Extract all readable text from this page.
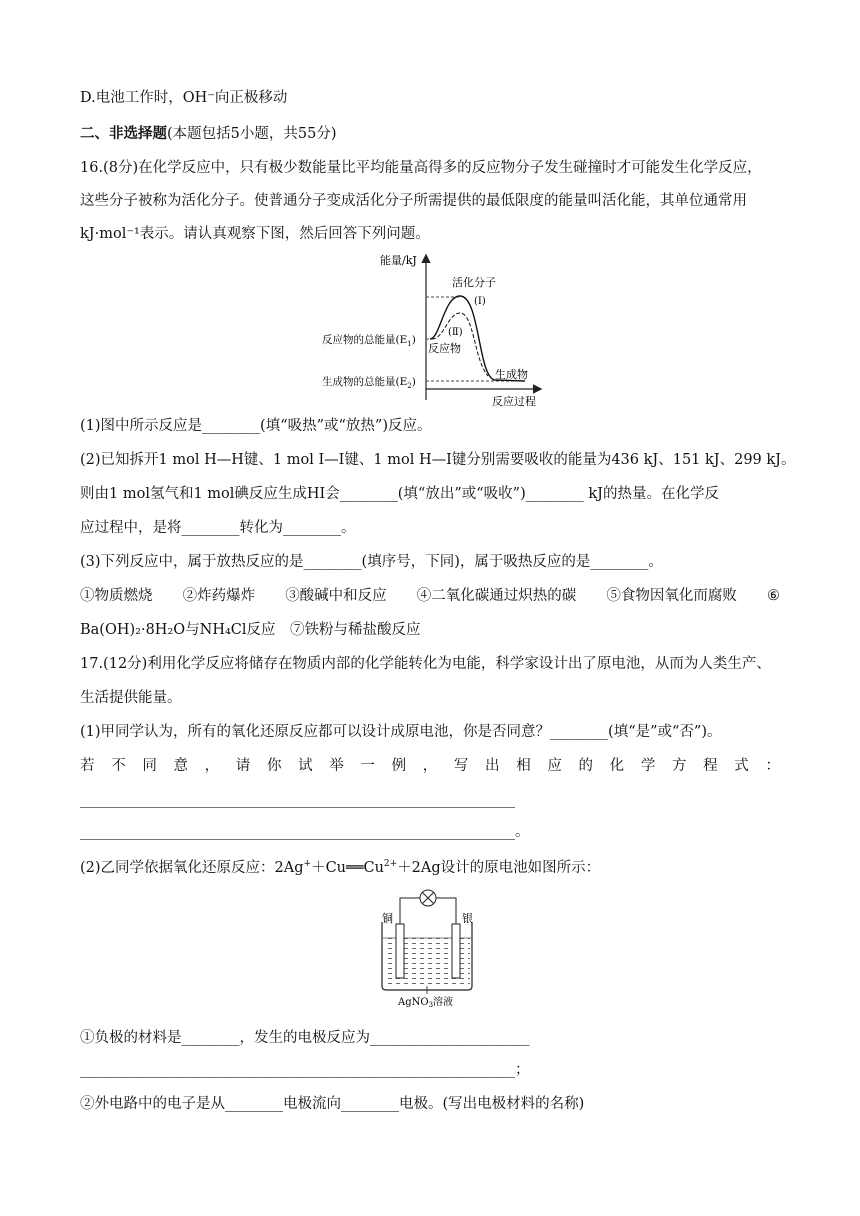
D.电池工作时，OH⁻向正极移动
二、非选择题(本题包括5小题，共55分)
16.(8分)在化学反应中，只有极少数能量比平均能量高得多的反应物分子发生碰撞时才可能发生化学反应，
这些分子被称为活化分子。使普通分子变成活化分子所需提供的最低限度的能量叫活化能，其单位通常用
kJ·mol⁻¹表示。请认真观察下图，然后回答下列问题。
能量/kJ
反应过程
活化分子
(Ⅰ)
(Ⅱ)
反应物
生成物
反应物的总能量$(E_1)$
生成物的总能量$(E_2)$
(1)图中所示反应是________(填“吸热”或“放热”)反应。
(2)已知拆开1 mol H—H键、1 mol I—I键、1 mol H—I键分别需要吸收的能量为436 kJ、151 kJ、299 kJ。
则由1 mol氢气和1 mol碘反应生成HI会________(填“放出”或“吸收”)________ kJ的热量。在化学反
应过程中，是将________转化为________。
(3)下列反应中，属于放热反应的是________(填序号，下同)，属于吸热反应的是________。
①物质燃烧 ②炸药爆炸 ③酸碱中和反应 ④二氧化碳通过炽热的碳 ⑤食物因氧化而腐败 ⑥
Ba(OH)₂·8H₂O与NH₄Cl反应　⑦铁粉与稀盐酸反应
17.(12分)利用化学反应将储存在物质内部的化学能转化为电能，科学家设计出了原电池，从而为人类生产、
生活提供能量。
(1)甲同学认为，所有的氧化还原反应都可以设计成原电池，你是否同意？________(填“是”或“否”)。
若 不 同 意 ， 请 你 试 举 一 例 ， 写 出 相 应 的 化 学 方 程 式 ：
____________________________________________________________
____________________________________________________________。
(2)乙同学依据氧化还原反应：$2Ag^++Cu══Cu^{2+}+2Ag$设计的原电池如图所示：
铜	银
AgNO$_3$溶液
①负极的材料是________，发生的电极反应为______________________
____________________________________________________________；
②外电路中的电子是从________电极流向________电极。(写出电极材料的名称)
